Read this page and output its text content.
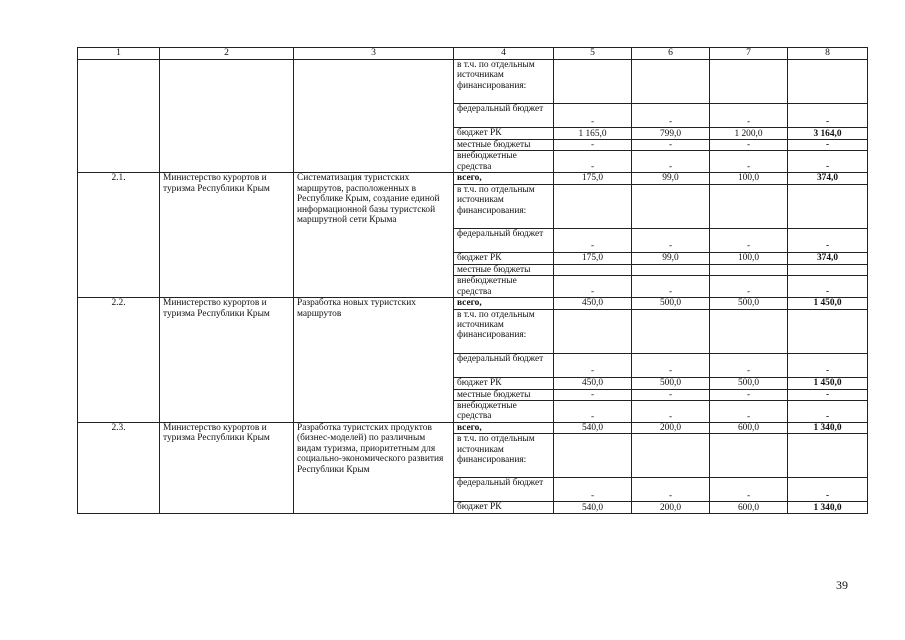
1	2	3	4	5	6	7	8
			в т.ч. по отдельным источникам финансирования:				
			федеральный бюджет	-	-	-	-
			бюджет РК	1 165,0	799,0	1 200,0	3 164,0
			местные бюджеты	-	-	-	-
			внебюджетные средства	-	-	-	-
2.1.	Министерство курортов и туризма Республики Крым	Систематизация туристских маршрутов, расположенных в Республике Крым, создание единой информационной базы туристской маршрутной сети Крыма	всего,	175,0	99,0	100,0	374,0
			в т.ч. по отдельным источникам финансирования:				
			федеральный бюджет	-	-	-	-
			бюджет РК	175,0	99,0	100,0	374,0
			местные бюджеты				
			внебюджетные средства	-	-	-	-
2.2.	Министерство курортов и туризма Республики Крым	Разработка новых туристских маршрутов	всего,	450,0	500,0	500,0	1 450,0
			в т.ч. по отдельным источникам финансирования:				
			федеральный бюджет	-	-	-	-
			бюджет РК	450,0	500,0	500,0	1 450,0
			местные бюджеты	-	-	-	-
			внебюджетные средства	-	-	-	-
2.3.	Министерство курортов и туризма Республики Крым	Разработка туристских продуктов (бизнес-моделей) по различным видам туризма, приоритетным для социально-экономического развития Республики Крым	всего,	540,0	200,0	600,0	1 340,0
			в т.ч. по отдельным источникам финансирования:				
			федеральный бюджет	-	-	-	-
			бюджет РК	540,0	200,0	600,0	1 340,0
39
